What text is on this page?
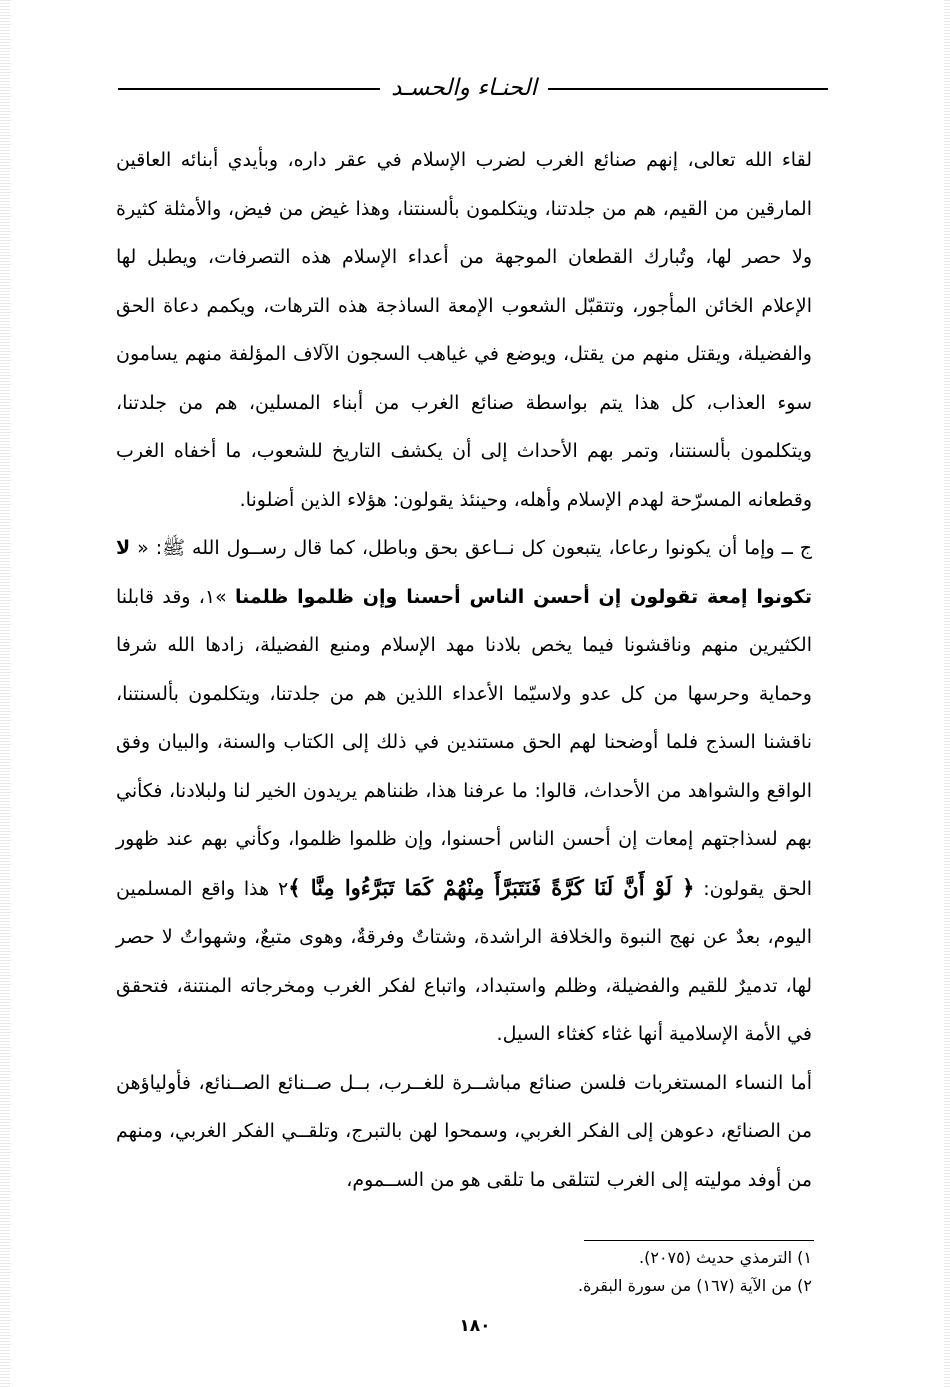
الحنـاء والحسـد

لقاء الله تعالى، إنهم صنائع الغرب لضرب الإسلام في عقر داره، وبأيدي أبنائه العاقين المارقين من القيم، هم من جلدتنا، ويتكلمون بألسنتنا، وهذا غيض من فيض، والأمثلة كثيرة ولا حصر لها، وتُبارك القطعان الموجهة من أعداء الإسلام هذه التصرفات، ويطبل لها الإعلام الخائن المأجور، وتتقبّل الشعوب الإمعة الساذجة هذه الترهات، ويكمم دعاة الحق والفضيلة، ويقتل منهم من يقتل، ويوضع في غياهب السجون الآلاف المؤلفة منهم يسامون سوء العذاب، كل هذا يتم بواسطة صنائع الغرب من أبناء المسلين، هم من جلدتنا، ويتكلمون بألسنتنا، وتمر بهم الأحداث إلى أن يكشف التاريخ للشعوب، ما أخفاه الغرب وقطعانه المسرّحة لهدم الإسلام وأهله، وحينئذ يقولون: هؤلاء الذين أضلونا.

ج ــ وإما أن يكونوا رعاعا، يتبعون كل نــاعق بحق وباطل، كما قال رســول الله ﷺ: « لا تكونوا إمعة تقولون إن أحسن الناس أحسنا وإن ظلموا ظلمنا »١، وقد قابلنا الكثيرين منهم وناقشونا فيما يخص بلادنا مهد الإسلام ومنبع الفضيلة، زادها الله شرفا وحماية وحرسها من كل عدو ولاسيّما الأعداء اللذين هم من جلدتنا، ويتكلمون بألسنتنا، ناقشنا السذج فلما أوضحنا لهم الحق مستندين في ذلك إلى الكتاب والسنة، والبيان وفق الواقع والشواهد من الأحداث، قالوا: ما عرفنا هذا، ظنناهم يريدون الخير لنا ولبلادنا، فكأني بهم لسذاجتهم إمعات إن أحسن الناس أحسنوا، وإن ظلموا ظلموا، وكأني بهم عند ظهور الحق يقولون: ﴿ لَوْ أَنَّ لَنَا كَرَّةً فَنَتَبَرَّأَ مِنْهُمْ كَمَا تَبَرَّءُوا مِنَّا ﴾٢ هذا واقع المسلمين اليوم، بعدٌ عن نهج النبوة والخلافة الراشدة، وشتاتٌ وفرقةٌ، وهوى متبعٌ، وشهواتٌ لا حصر لها، تدميرٌ للقيم والفضيلة، وظلم واستبداد، واتباع لفكر الغرب ومخرجاته المنتنة، فتحقق في الأمة الإسلامية أنها غثاء كغثاء السيل.

أما النساء المستغربات فلسن صنائع مباشــرة للغــرب، بــل صــنائع الصــنائع، فأولياؤهن من الصنائع، دعوهن إلى الفكر الغربي، وسمحوا لهن بالتبرج، وتلقــي الفكر الغربي، ومنهم من أوفد موليته إلى الغرب لتتلقى ما تلقى هو من الســموم،

١) الترمذي حديث (٢٠٧٥).
٢) من الآية (١٦٧) من سورة البقرة.
١٨٠
